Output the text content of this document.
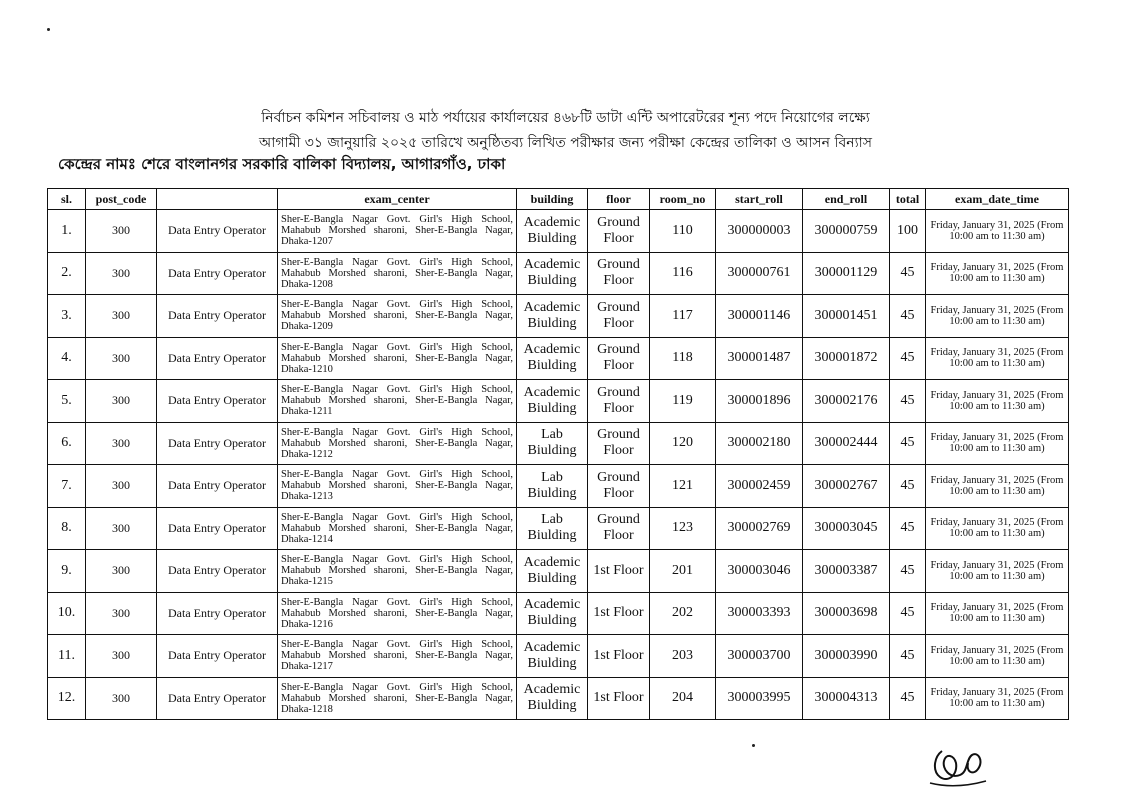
নির্বাচন কমিশন সচিবালয় ও মাঠ পর্যায়ের কার্যালয়ের ৪৬৮টি ডাটা এন্টি অপারেটরের শূন্য পদে নিয়োগের লক্ষ্যে
আগামী ৩১ জানুয়ারি ২০২৫ তারিখে অনুষ্ঠিতব্য লিখিত পরীক্ষার জন্য পরীক্ষা কেন্দ্রের তালিকা ও আসন বিন্যাস
কেন্দ্রের নামঃ শেরে বাংলানগর সরকারি বালিকা বিদ্যালয়, আগারগাঁও, ঢাকা
sl.	post_code		exam_center	building	floor	room_no	start_roll	end_roll	total	exam_date_time
1.	300	Data Entry Operator	Sher-E-Bangla Nagar Govt. Girl's High School, Mahabub Morshed sharoni, Sher-E-Bangla Nagar, Dhaka-1207	Academic Biulding	Ground Floor	110	300000003	300000759	100	Friday, January 31, 2025 (From 10:00 am to 11:30 am)
2.	300	Data Entry Operator	Sher-E-Bangla Nagar Govt. Girl's High School, Mahabub Morshed sharoni, Sher-E-Bangla Nagar, Dhaka-1208	Academic Biulding	Ground Floor	116	300000761	300001129	45	Friday, January 31, 2025 (From 10:00 am to 11:30 am)
3.	300	Data Entry Operator	Sher-E-Bangla Nagar Govt. Girl's High School, Mahabub Morshed sharoni, Sher-E-Bangla Nagar, Dhaka-1209	Academic Biulding	Ground Floor	117	300001146	300001451	45	Friday, January 31, 2025 (From 10:00 am to 11:30 am)
4.	300	Data Entry Operator	Sher-E-Bangla Nagar Govt. Girl's High School, Mahabub Morshed sharoni, Sher-E-Bangla Nagar, Dhaka-1210	Academic Biulding	Ground Floor	118	300001487	300001872	45	Friday, January 31, 2025 (From 10:00 am to 11:30 am)
5.	300	Data Entry Operator	Sher-E-Bangla Nagar Govt. Girl's High School, Mahabub Morshed sharoni, Sher-E-Bangla Nagar, Dhaka-1211	Academic Biulding	Ground Floor	119	300001896	300002176	45	Friday, January 31, 2025 (From 10:00 am to 11:30 am)
6.	300	Data Entry Operator	Sher-E-Bangla Nagar Govt. Girl's High School, Mahabub Morshed sharoni, Sher-E-Bangla Nagar, Dhaka-1212	Lab Biulding	Ground Floor	120	300002180	300002444	45	Friday, January 31, 2025 (From 10:00 am to 11:30 am)
7.	300	Data Entry Operator	Sher-E-Bangla Nagar Govt. Girl's High School, Mahabub Morshed sharoni, Sher-E-Bangla Nagar, Dhaka-1213	Lab Biulding	Ground Floor	121	300002459	300002767	45	Friday, January 31, 2025 (From 10:00 am to 11:30 am)
8.	300	Data Entry Operator	Sher-E-Bangla Nagar Govt. Girl's High School, Mahabub Morshed sharoni, Sher-E-Bangla Nagar, Dhaka-1214	Lab Biulding	Ground Floor	123	300002769	300003045	45	Friday, January 31, 2025 (From 10:00 am to 11:30 am)
9.	300	Data Entry Operator	Sher-E-Bangla Nagar Govt. Girl's High School, Mahabub Morshed sharoni, Sher-E-Bangla Nagar, Dhaka-1215	Academic Biulding	1st Floor	201	300003046	300003387	45	Friday, January 31, 2025 (From 10:00 am to 11:30 am)
10.	300	Data Entry Operator	Sher-E-Bangla Nagar Govt. Girl's High School, Mahabub Morshed sharoni, Sher-E-Bangla Nagar, Dhaka-1216	Academic Biulding	1st Floor	202	300003393	300003698	45	Friday, January 31, 2025 (From 10:00 am to 11:30 am)
11.	300	Data Entry Operator	Sher-E-Bangla Nagar Govt. Girl's High School, Mahabub Morshed sharoni, Sher-E-Bangla Nagar, Dhaka-1217	Academic Biulding	1st Floor	203	300003700	300003990	45	Friday, January 31, 2025 (From 10:00 am to 11:30 am)
12.	300	Data Entry Operator	Sher-E-Bangla Nagar Govt. Girl's High School, Mahabub Morshed sharoni, Sher-E-Bangla Nagar, Dhaka-1218	Academic Biulding	1st Floor	204	300003995	300004313	45	Friday, January 31, 2025 (From 10:00 am to 11:30 am)
